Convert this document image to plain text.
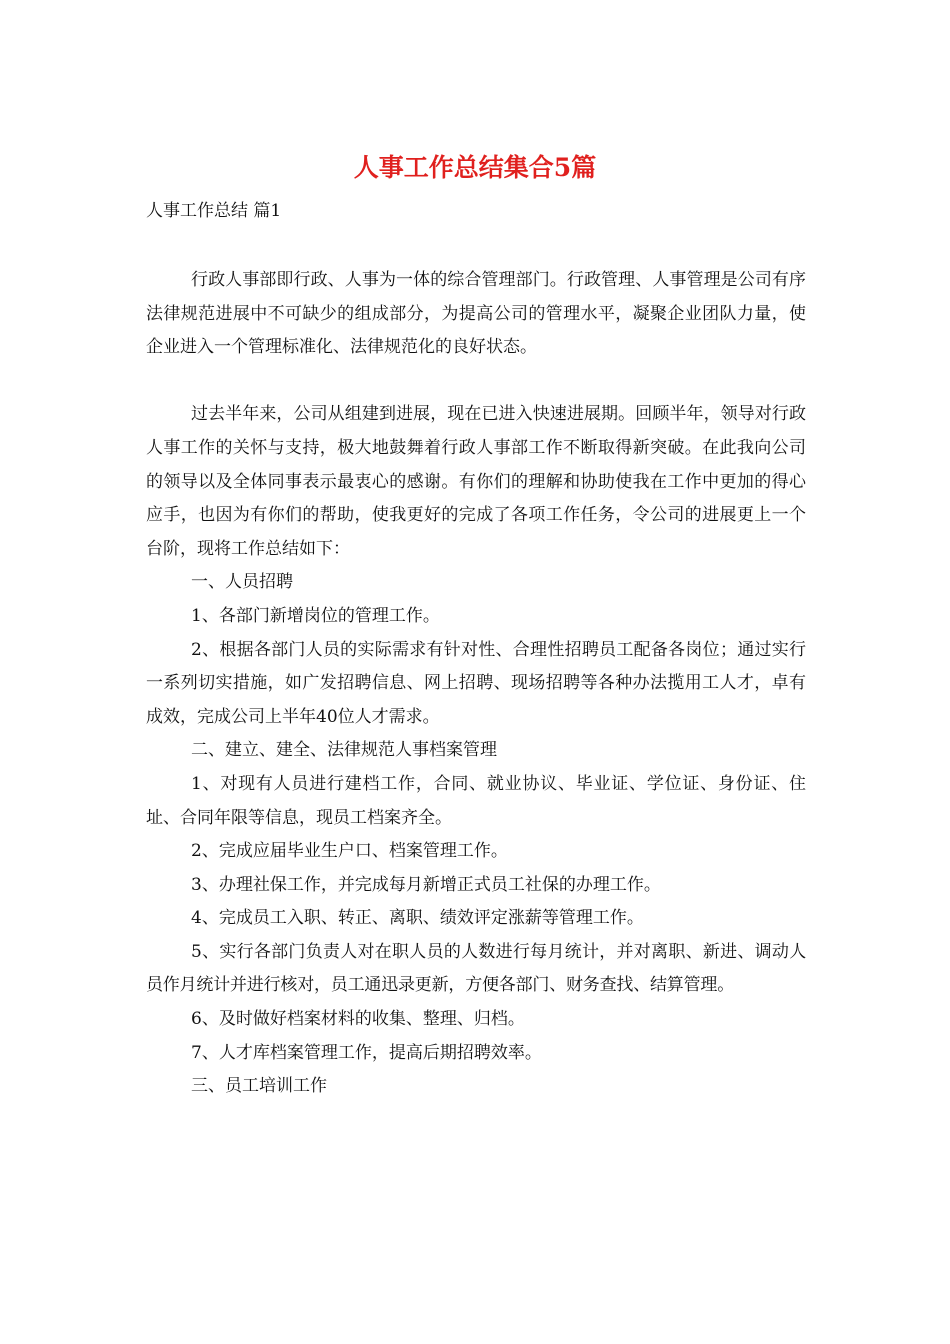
人事工作总结集合5篇

人事工作总结 篇1

行政人事部即行政、人事为一体的综合管理部门。行政管理、人事管理是公司有序法律规范进展中不可缺少的组成部分，为提高公司的管理水平，凝聚企业团队力量，使企业进入一个管理标准化、法律规范化的良好状态。

过去半年来，公司从组建到进展，现在已进入快速进展期。回顾半年，领导对行政人事工作的关怀与支持，极大地鼓舞着行政人事部工作不断取得新突破。在此我向公司的领导以及全体同事表示最衷心的感谢。有你们的理解和协助使我在工作中更加的得心应手，也因为有你们的帮助，使我更好的完成了各项工作任务，令公司的进展更上一个台阶，现将工作总结如下：

一、人员招聘

1、各部门新增岗位的管理工作。

2、根据各部门人员的实际需求有针对性、合理性招聘员工配备各岗位；通过实行一系列切实措施，如广发招聘信息、网上招聘、现场招聘等各种办法揽用工人才，卓有成效，完成公司上半年40位人才需求。

二、建立、建全、法律规范人事档案管理

1、对现有人员进行建档工作，合同、就业协议、毕业证、学位证、身份证、住址、合同年限等信息，现员工档案齐全。

2、完成应届毕业生户口、档案管理工作。

3、办理社保工作，并完成每月新增正式员工社保的办理工作。

4、完成员工入职、转正、离职、绩效评定涨薪等管理工作。

5、实行各部门负责人对在职人员的人数进行每月统计，并对离职、新进、调动人员作月统计并进行核对，员工通迅录更新，方便各部门、财务查找、结算管理。

6、及时做好档案材料的收集、整理、归档。

7、人才库档案管理工作，提高后期招聘效率。

三、员工培训工作
